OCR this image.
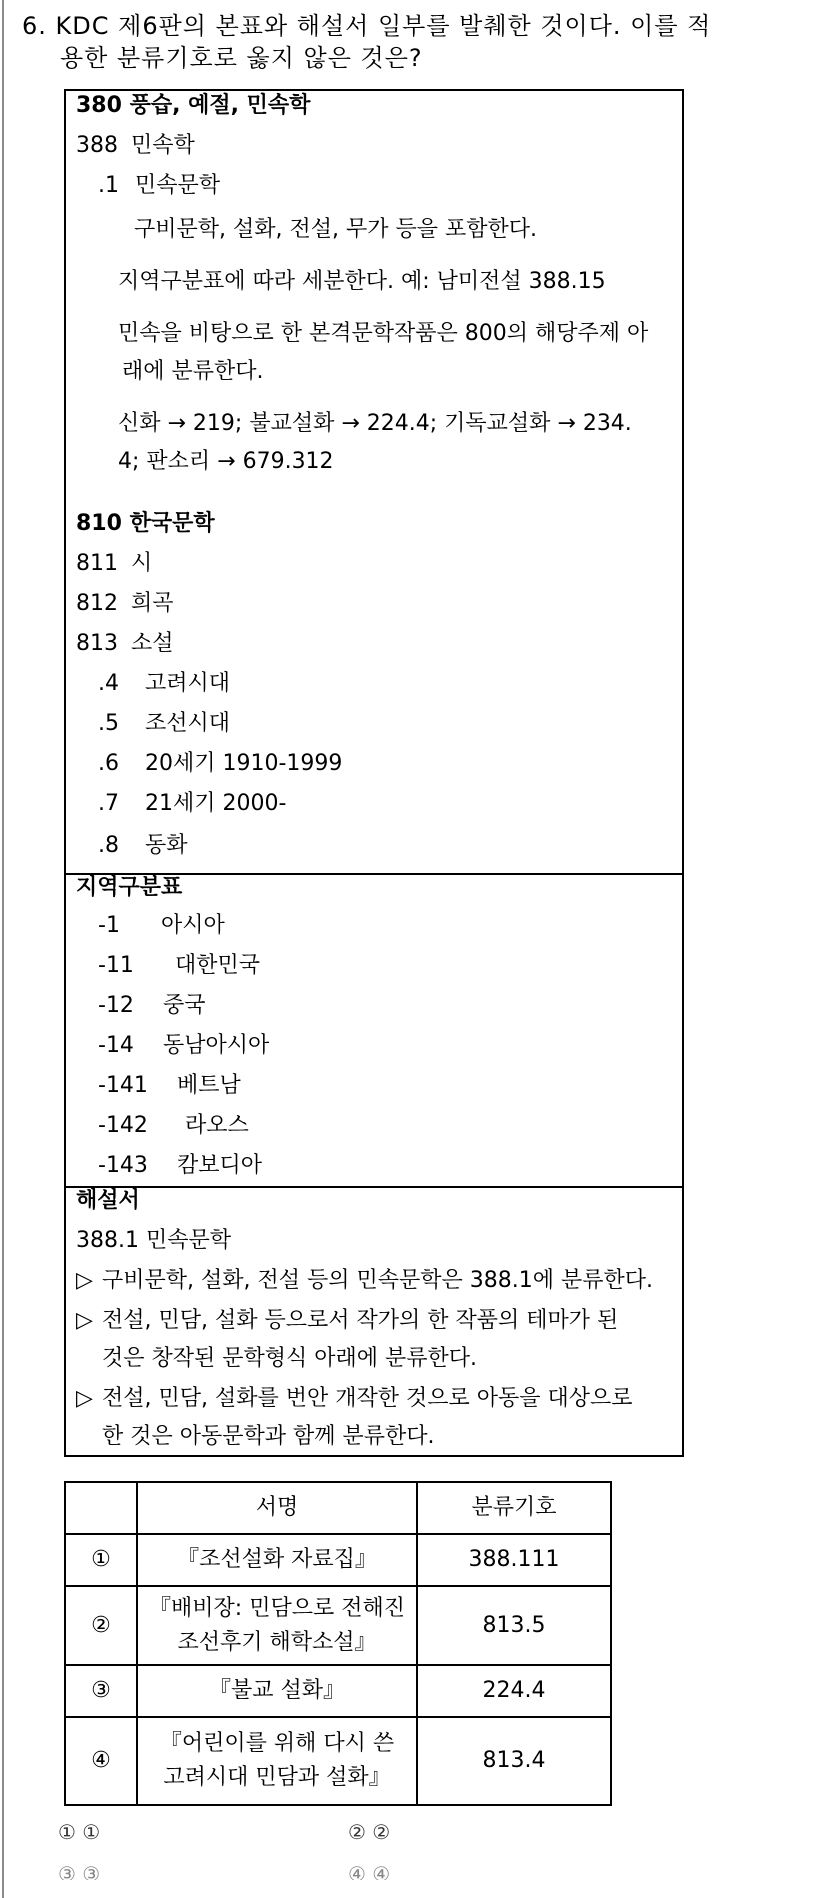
6. KDC 제6판의 본표와 해설서 일부를 발췌한 것이다. 이를 적
용한 분류기호로 옳지 않은 것은?
380 풍습, 예절, 민속학
388 민속학
.1 민속문학
구비문학, 설화, 전설, 무가 등을 포함한다.
지역구분표에 따라 세분한다. 예: 남미전설 388.15
민속을 비탕으로 한 본격문학작품은 800의 해당주제 아
래에 분류한다.
신화 → 219; 불교설화 → 224.4; 기독교설화 → 234.
4; 판소리 → 679.312
810 한국문학
811 시
812 희곡
813 소설
.4 고려시대
.5 조선시대
.6 20세기 1910-1999
.7 21세기 2000-
.8 동화
지역구분표
-1 아시아
-11 대한민국
-12 중국
-14 동남아시아
-141 베트남
-142 라오스
-143 캄보디아
해설서
388.1 민속문학
▷ 구비문학, 설화, 전설 등의 민속문학은 388.1에 분류한다.
▷ 전설, 민담, 설화 등으로서 작가의 한 작품의 테마가 된
것은 창작된 문학형식 아래에 분류한다.
▷ 전설, 민담, 설화를 번안 개작한 것으로 아동을 대상으로
한 것은 아동문학과 함께 분류한다.
	서명	분류기호
①	『조선설화 자료집』	388.111
②	『배비장: 민담으로 전해진
조선후기 해학소설』	813.5
③	『불교 설화』	224.4
④	『어린이를 위해 다시 쓴
고려시대 민담과 설화』	813.4
① ①	② ②
③ ③	④ ④
